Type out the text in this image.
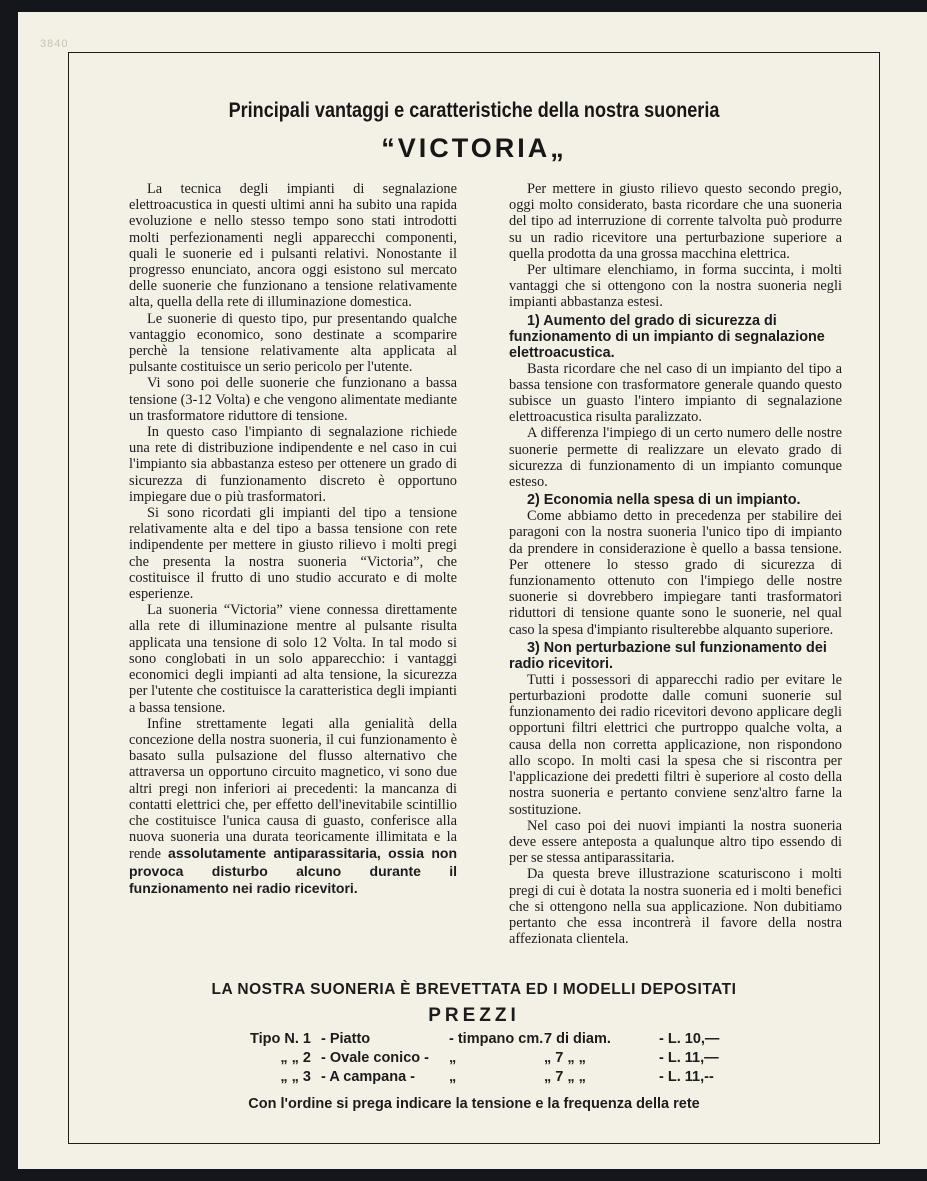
3840
Principali vantaggi e caratteristiche della nostra suoneria
“VICTORIA„

La tecnica degli impianti di segnalazione elettroacustica in questi ultimi anni ha subito una rapida evoluzione e nello stesso tempo sono stati introdotti molti perfezionamenti negli apparecchi componenti, quali le suonerie ed i pulsanti relativi. Nonostante il progresso enunciato, ancora oggi esistono sul mercato delle suonerie che funzionano a tensione relativamente alta, quella della rete di illuminazione domestica.

Le suonerie di questo tipo, pur presentando qualche vantaggio economico, sono destinate a scomparire perchè la tensione relativamente alta applicata al pulsante costituisce un serio pericolo per l'utente.

Vi sono poi delle suonerie che funzionano a bassa tensione (3-12 Volta) e che vengono alimentate mediante un trasformatore riduttore di tensione.

In questo caso l'impianto di segnalazione richiede una rete di distribuzione indipendente e nel caso in cui l'impianto sia abbastanza esteso per ottenere un grado di sicurezza di funzionamento discreto è opportuno impiegare due o più trasformatori.

Si sono ricordati gli impianti del tipo a tensione relativamente alta e del tipo a bassa tensione con rete indipendente per mettere in giusto rilievo i molti pregi che presenta la nostra suoneria “Victoria”, che costituisce il frutto di uno studio accurato e di molte esperienze.

La suoneria “Victoria” viene connessa direttamente alla rete di illuminazione mentre al pulsante risulta applicata una tensione di solo 12 Volta. In tal modo si sono conglobati in un solo apparecchio: i vantaggi economici degli impianti ad alta tensione, la sicurezza per l'utente che costituisce la caratteristica degli impianti a bassa tensione.

Infine strettamente legati alla genialità della concezione della nostra suoneria, il cui funzionamento è basato sulla pulsazione del flusso alternativo che attraversa un opportuno circuito magnetico, vi sono due altri pregi non inferiori ai precedenti: la mancanza di contatti elettrici che, per effetto dell'inevitabile scintillio che costituisce l'unica causa di guasto, conferisce alla nuova suoneria una durata teoricamente illimitata e la rende assolutamente antiparassitaria, ossia non provoca disturbo alcuno durante il funzionamento nei radio ricevitori.

Per mettere in giusto rilievo questo secondo pregio, oggi molto considerato, basta ricordare che una suoneria del tipo ad interruzione di corrente talvolta può produrre su un radio ricevitore una perturbazione superiore a quella prodotta da una grossa macchina elettrica.

Per ultimare elenchiamo, in forma succinta, i molti vantaggi che si ottengono con la nostra suoneria negli impianti abbastanza estesi.

1) Aumento del grado di sicurezza di funzionamento di un impianto di segnalazione elettroacustica.

Basta ricordare che nel caso di un impianto del tipo a bassa tensione con trasformatore generale quando questo subisce un guasto l'intero impianto di segnalazione elettroacustica risulta paralizzato.

A differenza l'impiego di un certo numero delle nostre suonerie permette di realizzare un elevato grado di sicurezza di funzionamento di un impianto comunque esteso.

2) Economia nella spesa di un impianto.

Come abbiamo detto in precedenza per stabilire dei paragoni con la nostra suoneria l'unico tipo di impianto da prendere in considerazione è quello a bassa tensione. Per ottenere lo stesso grado di sicurezza di funzionamento ottenuto con l'impiego delle nostre suonerie si dovrebbero impiegare tanti trasformatori riduttori di tensione quante sono le suonerie, nel qual caso la spesa d'impianto risulterebbe alquanto superiore.

3) Non perturbazione sul funzionamento dei radio ricevitori.

Tutti i possessori di apparecchi radio per evitare le perturbazioni prodotte dalle comuni suonerie sul funzionamento dei radio ricevitori devono applicare degli opportuni filtri elettrici che purtroppo qualche volta, a causa della non corretta applicazione, non rispondono allo scopo. In molti casi la spesa che si riscontra per l'applicazione dei predetti filtri è superiore al costo della nostra suoneria e pertanto conviene senz'altro farne la sostituzione.

Nel caso poi dei nuovi impianti la nostra suoneria deve essere anteposta a qualunque altro tipo essendo di per se stessa antiparassitaria.

Da questa breve illustrazione scaturiscono i molti pregi di cui è dotata la nostra suoneria ed i molti benefici che si ottengono nella sua applicazione. Non dubitiamo pertanto che essa incontrerà il favore della nostra affezionata clientela.

LA NOSTRA SUONERIA È BREVETTATA ED I MODELLI DEPOSITATI
PREZZI
Tipo N. 1 - Piatto	- timpano cm. 7 di diam.	- L. 10,—
„ „ 2 - Ovale conico - „	„ 7 „ „	- L. 11,—
„ „ 3 - A campana - „	„ 7 „ „	- L. 11,--
Con l'ordine si prega indicare la tensione e la frequenza della rete
